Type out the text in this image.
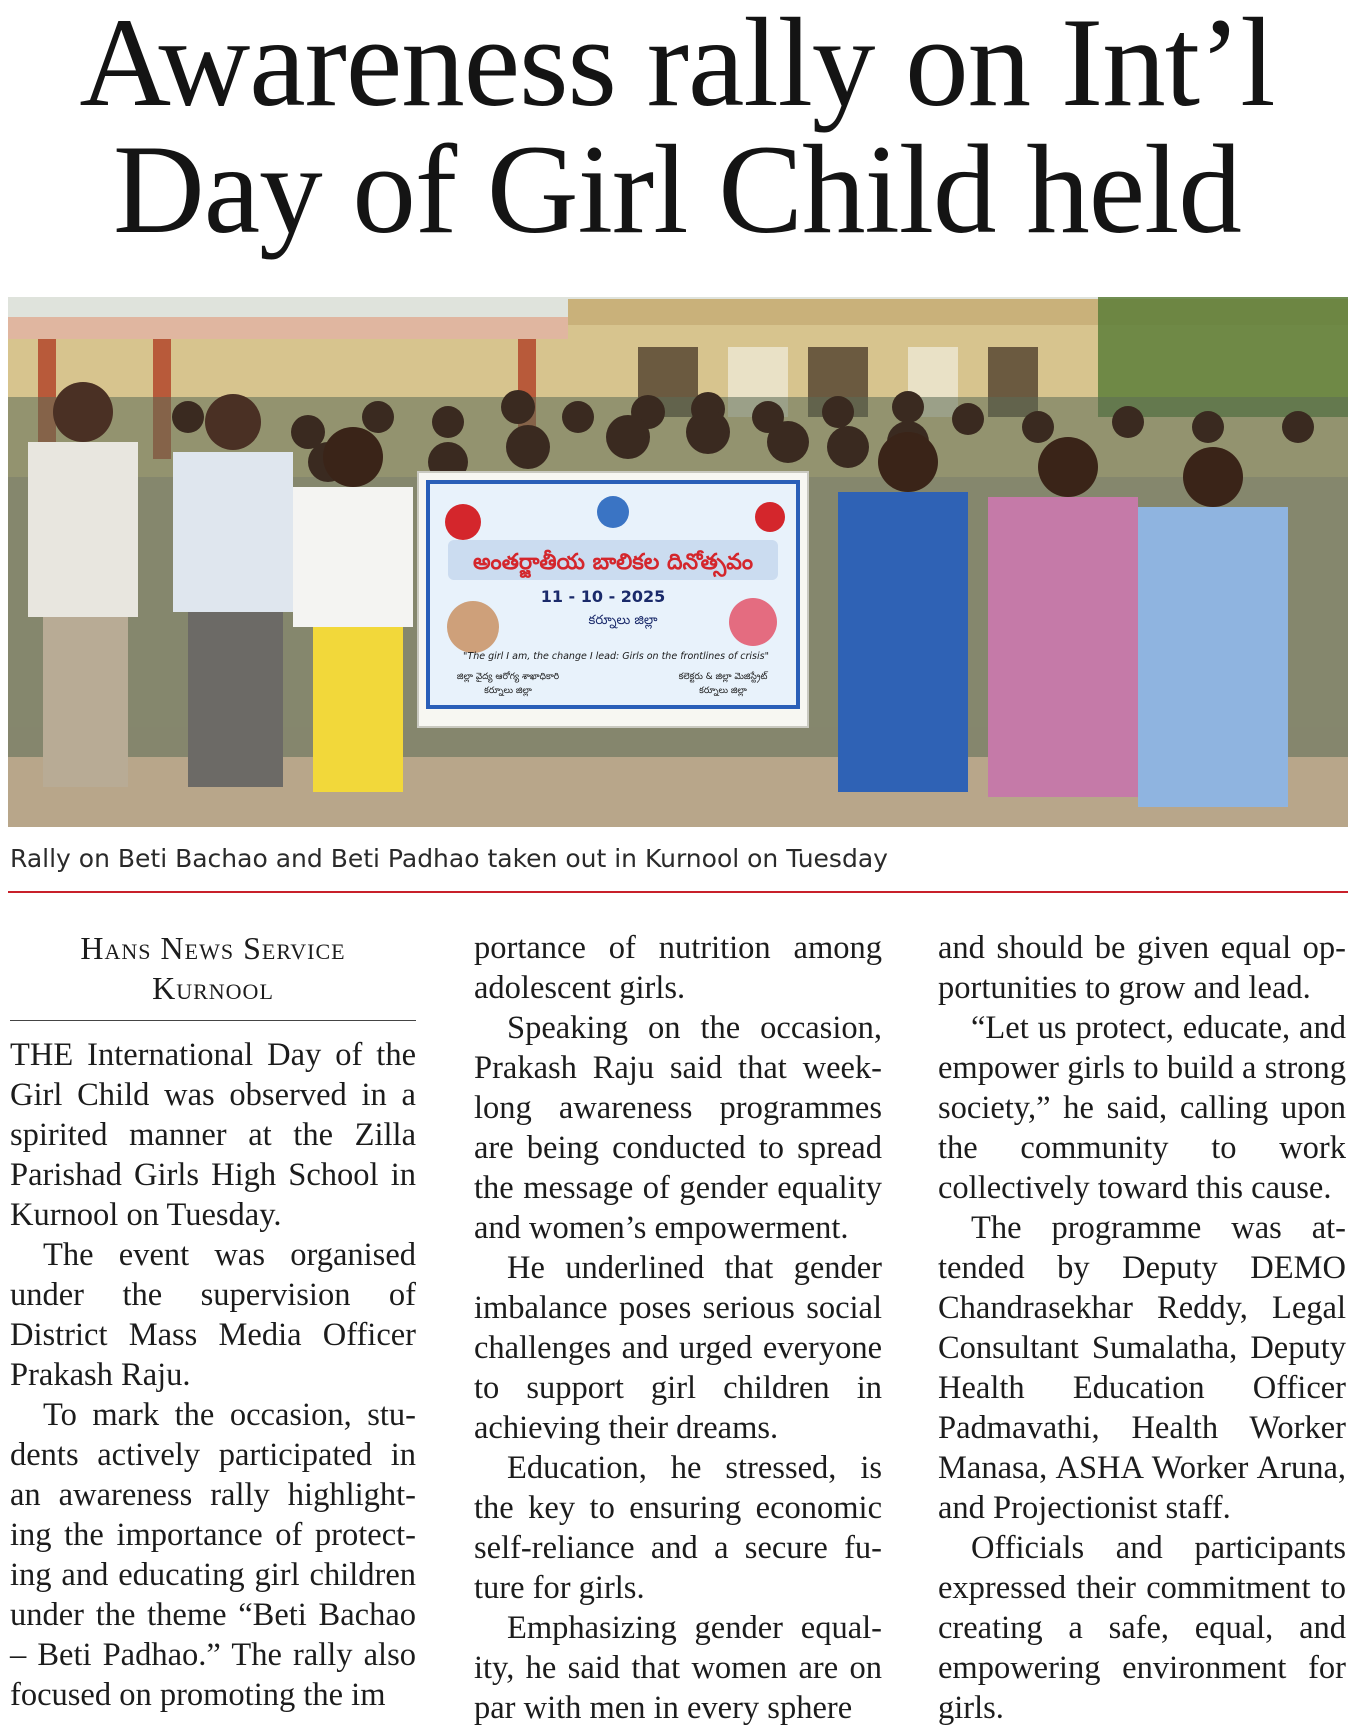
Awareness rally on Int’l
Day of Girl Child held
అంతర్జాతీయ బాలికల దినోత్సవం
11 - 10 - 2025
కర్నూలు జిల్లా
"The girl I am, the change I lead: Girls on the frontlines of crisis"
జిల్లా వైద్య ఆరోగ్య శాఖాధికారి
కర్నూలు జిల్లా
కలెక్టరు & జిల్లా మెజిస్ట్రేట్
కర్నూలు జిల్లా
Rally on Beti Bachao and Beti Padhao taken out in Kurnool on Tuesday
Hans News Service
Kurnool

THE International Day of the Girl Child was observed in a spirited manner at the Zilla Parishad Girls High School in Kurnool on Tuesday.

The event was organised under the supervision of District Mass Media Officer Prakash Raju.

To mark the occasion, students actively participated in an awareness rally highlighting the importance of protecting and educating girl children under the theme “Beti Bachao – Beti Padhao.” The rally also focused on promoting the im

portance of nutrition among adolescent girls.

Speaking on the occasion, Prakash Raju said that weeklong awareness programmes are being conducted to spread the message of gender equality and women’s empowerment.

He underlined that gender imbalance poses serious social challenges and urged everyone to support girl children in achieving their dreams.

Education, he stressed, is the key to ensuring economic self-reliance and a secure future for girls.

Emphasizing gender equality, he said that women are on par with men in every sphere

and should be given equal opportunities to grow and lead.

“Let us protect, educate, and empower girls to build a strong society,” he said, calling upon the community to work collectively toward this cause.

The programme was attended by Deputy DEMO Chandrasekhar Reddy, Legal Consultant Sumalatha, Deputy Health Education Officer Padmavathi, Health Worker Manasa, ASHA Worker Aruna, and Projectionist staff.

Officials and participants expressed their commitment to creating a safe, equal, and empowering environment for girls.
